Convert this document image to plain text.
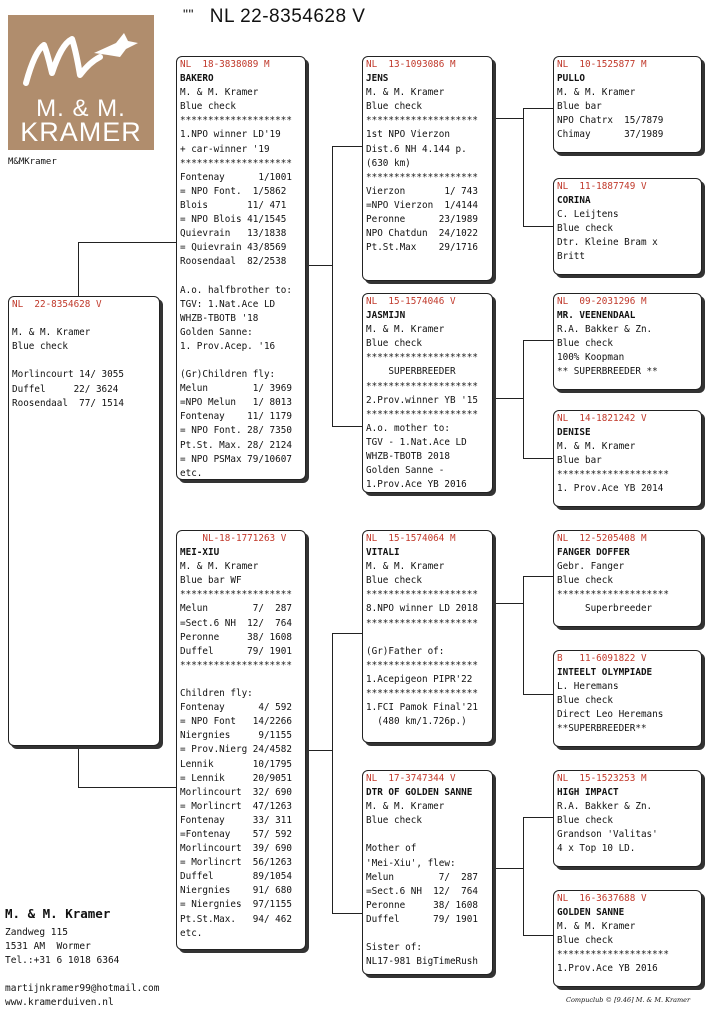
"" NL 22-8354628 V
M. & M.
KRAMER
M&MKramer
NL  22-8354628 V

M. & M. Kramer
Blue check

Morlincourt 14/ 3055
Duffel     22/ 3624
Roosendaal  77/ 1514
NL  18-3838089 M
BAKERO
M. & M. Kramer
Blue check
********************
1.NPO winner LD'19
+ car-winner '19
********************
Fontenay      1/1001
= NPO Font.  1/5862
Blois       11/ 471
= NPO Blois 41/1545
Quievrain   13/1838
= Quievrain 43/8569
Roosendaal  82/2538

A.o. halfbrother to:
TGV: 1.Nat.Ace LD
WHZB-TBOTB '18
Golden Sanne:
1. Prov.Acep. '16

(Gr)Children fly:
Melun        1/ 3969
=NPO Melun   1/ 8013
Fontenay    11/ 1179
= NPO Font. 28/ 7350
Pt.St. Max. 28/ 2124
= NPO PSMax 79/10607
etc.
NL-18-1771263 V
MEI-XIU
M. & M. Kramer
Blue bar WF
********************
Melun        7/  287
=Sect.6 NH  12/  764
Peronne     38/ 1608
Duffel      79/ 1901
********************

Children fly:
Fontenay      4/ 592
= NPO Font   14/2266
Niergnies     9/1155
= Prov.Nierg 24/4582
Lennik       10/1795
= Lennik     20/9051
Morlincourt  32/ 690
= Morlincrt  47/1263
Fontenay     33/ 311
=Fontenay    57/ 592
Morlincourt  39/ 690
= Morlincrt  56/1263
Duffel       89/1054
Niergnies    91/ 680
= Niergnies  97/1155
Pt.St.Max.   94/ 462
etc.
NL  13-1093086 M
JENS
M. & M. Kramer
Blue check
********************
1st NPO Vierzon
Dist.6 NH 4.144 p.
(630 km)
********************
Vierzon       1/ 743
=NPO Vierzon  1/4144
Peronne      23/1989
NPO Chatdun  24/1022
Pt.St.Max    29/1716
NL  15-1574046 V
JASMIJN
M. & M. Kramer
Blue check
********************
SUPERBREEDER
********************
2.Prov.winner YB '15
********************
A.o. mother to:
TGV - 1.Nat.Ace LD
WHZB-TBOTB 2018
Golden Sanne -
1.Prov.Ace YB 2016
NL  15-1574064 M
VITALI
M. & M. Kramer
Blue check
********************
8.NPO winner LD 2018
********************

(Gr)Father of:
********************
1.Acepigeon PIPR'22
********************
1.FCI Pamok Final'21
(480 km/1.726p.)
NL  17-3747344 V
DTR OF GOLDEN SANNE
M. & M. Kramer
Blue check

Mother of
'Mei-Xiu', flew:
Melun        7/  287
=Sect.6 NH  12/  764
Peronne     38/ 1608
Duffel      79/ 1901

Sister of:
NL17-981 BigTimeRush
NL  10-1525877 M
PULLO
M. & M. Kramer
Blue bar
NPO Chatrx  15/7879
Chimay      37/1989
NL  11-1887749 V
CORINA
C. Leijtens
Blue check
Dtr. Kleine Bram x
Britt
NL  09-2031296 M
MR. VEENENDAAL
R.A. Bakker & Zn.
Blue check
100% Koopman
** SUPERBREEDER **
NL  14-1821242 V
DENISE
M. & M. Kramer
Blue bar
********************
1. Prov.Ace YB 2014
NL  12-5205408 M
FANGER DOFFER
Gebr. Fanger
Blue check
********************
Superbreeder
B   11-6091822 V
INTEELT OLYMPIADE
L. Heremans
Blue check
Direct Leo Heremans
**SUPERBREEDER**
NL  15-1523253 M
HIGH IMPACT
R.A. Bakker & Zn.
Blue check
Grandson 'Valitas'
4 x Top 10 LD.
NL  16-3637688 V
GOLDEN SANNE
M. & M. Kramer
Blue check
********************
1.Prov.Ace YB 2016
M. & M. Kramer
Zandweg 115
1531 AM  Wormer
Tel.:+31 6 1018 6364
martijnkramer99@hotmail.com
www.kramerduiven.nl	Compuclub © [9.46] M. & M. Kramer
